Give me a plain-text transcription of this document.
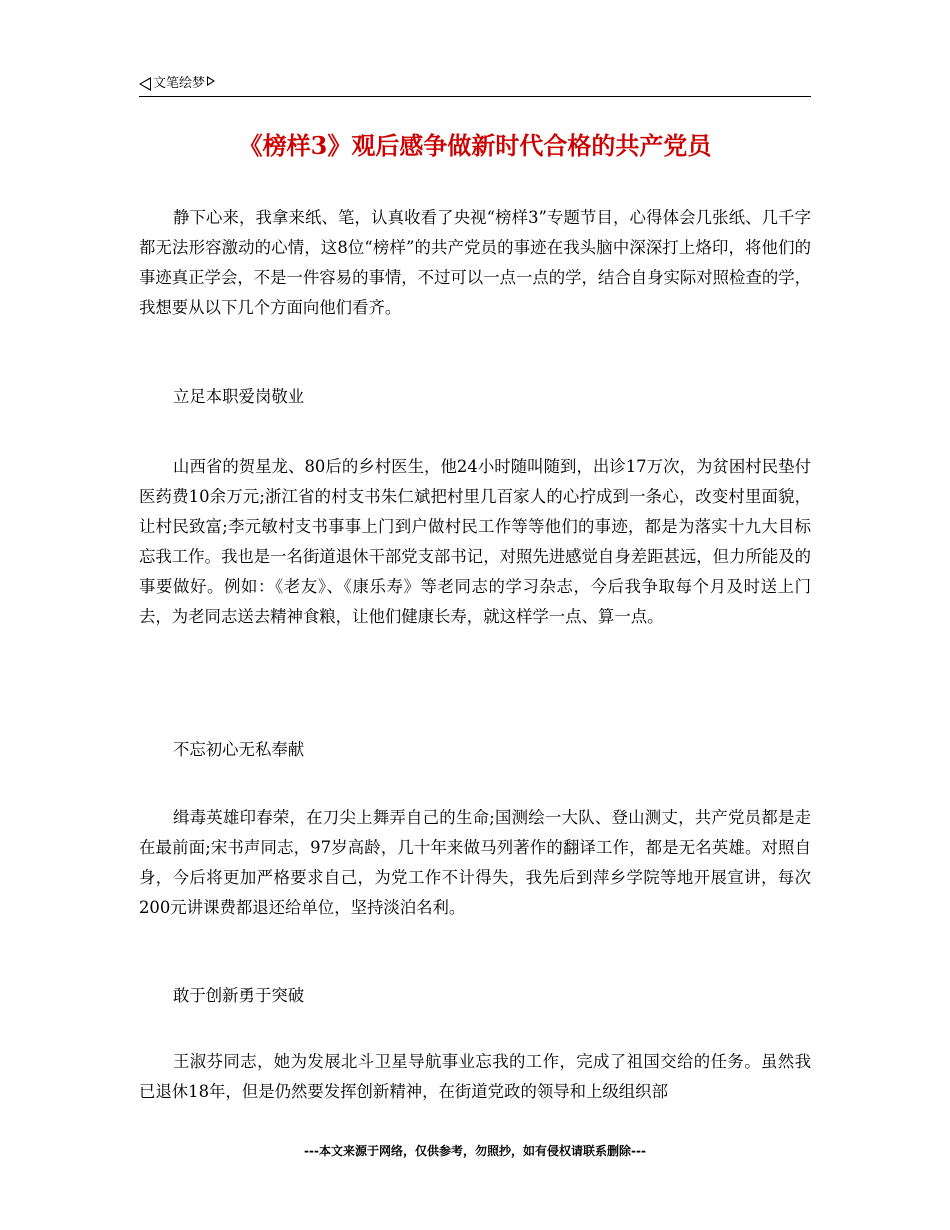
文笔绘梦
《榜样3》观后感争做新时代合格的共产党员
静下心来，我拿来纸、笔，认真收看了央视“榜样3”专题节目，心得体会几张纸、几千字都无法形容激动的心情，这8位“榜样”的共产党员的事迹在我头脑中深深打上烙印，将他们的事迹真正学会，不是一件容易的事情，不过可以一点一点的学，结合自身实际对照检查的学，我想要从以下几个方面向他们看齐。
立足本职爱岗敬业
山西省的贺星龙、80后的乡村医生，他24小时随叫随到，出诊17万次，为贫困村民垫付医药费10余万元;浙江省的村支书朱仁斌把村里几百家人的心拧成到一条心，改变村里面貌，让村民致富;李元敏村支书事事上门到户做村民工作等等他们的事迹，都是为落实十九大目标忘我工作。我也是一名街道退休干部党支部书记，对照先进感觉自身差距甚远，但力所能及的事要做好。例如：《老友》、《康乐寿》等老同志的学习杂志，今后我争取每个月及时送上门去，为老同志送去精神食粮，让他们健康长寿，就这样学一点、算一点。
不忘初心无私奉献
缉毒英雄印春荣，在刀尖上舞弄自己的生命;国测绘一大队、登山测丈，共产党员都是走在最前面;宋书声同志，97岁高龄，几十年来做马列著作的翻译工作，都是无名英雄。对照自身，今后将更加严格要求自己，为党工作不计得失，我先后到萍乡学院等地开展宣讲，每次200元讲课费都退还给单位，坚持淡泊名利。
敢于创新勇于突破
王淑芬同志，她为发展北斗卫星导航事业忘我的工作，完成了祖国交给的任务。虽然我已退休18年，但是仍然要发挥创新精神，在街道党政的领导和上级组织部
---本文来源于网络，仅供参考，勿照抄，如有侵权请联系删除---
